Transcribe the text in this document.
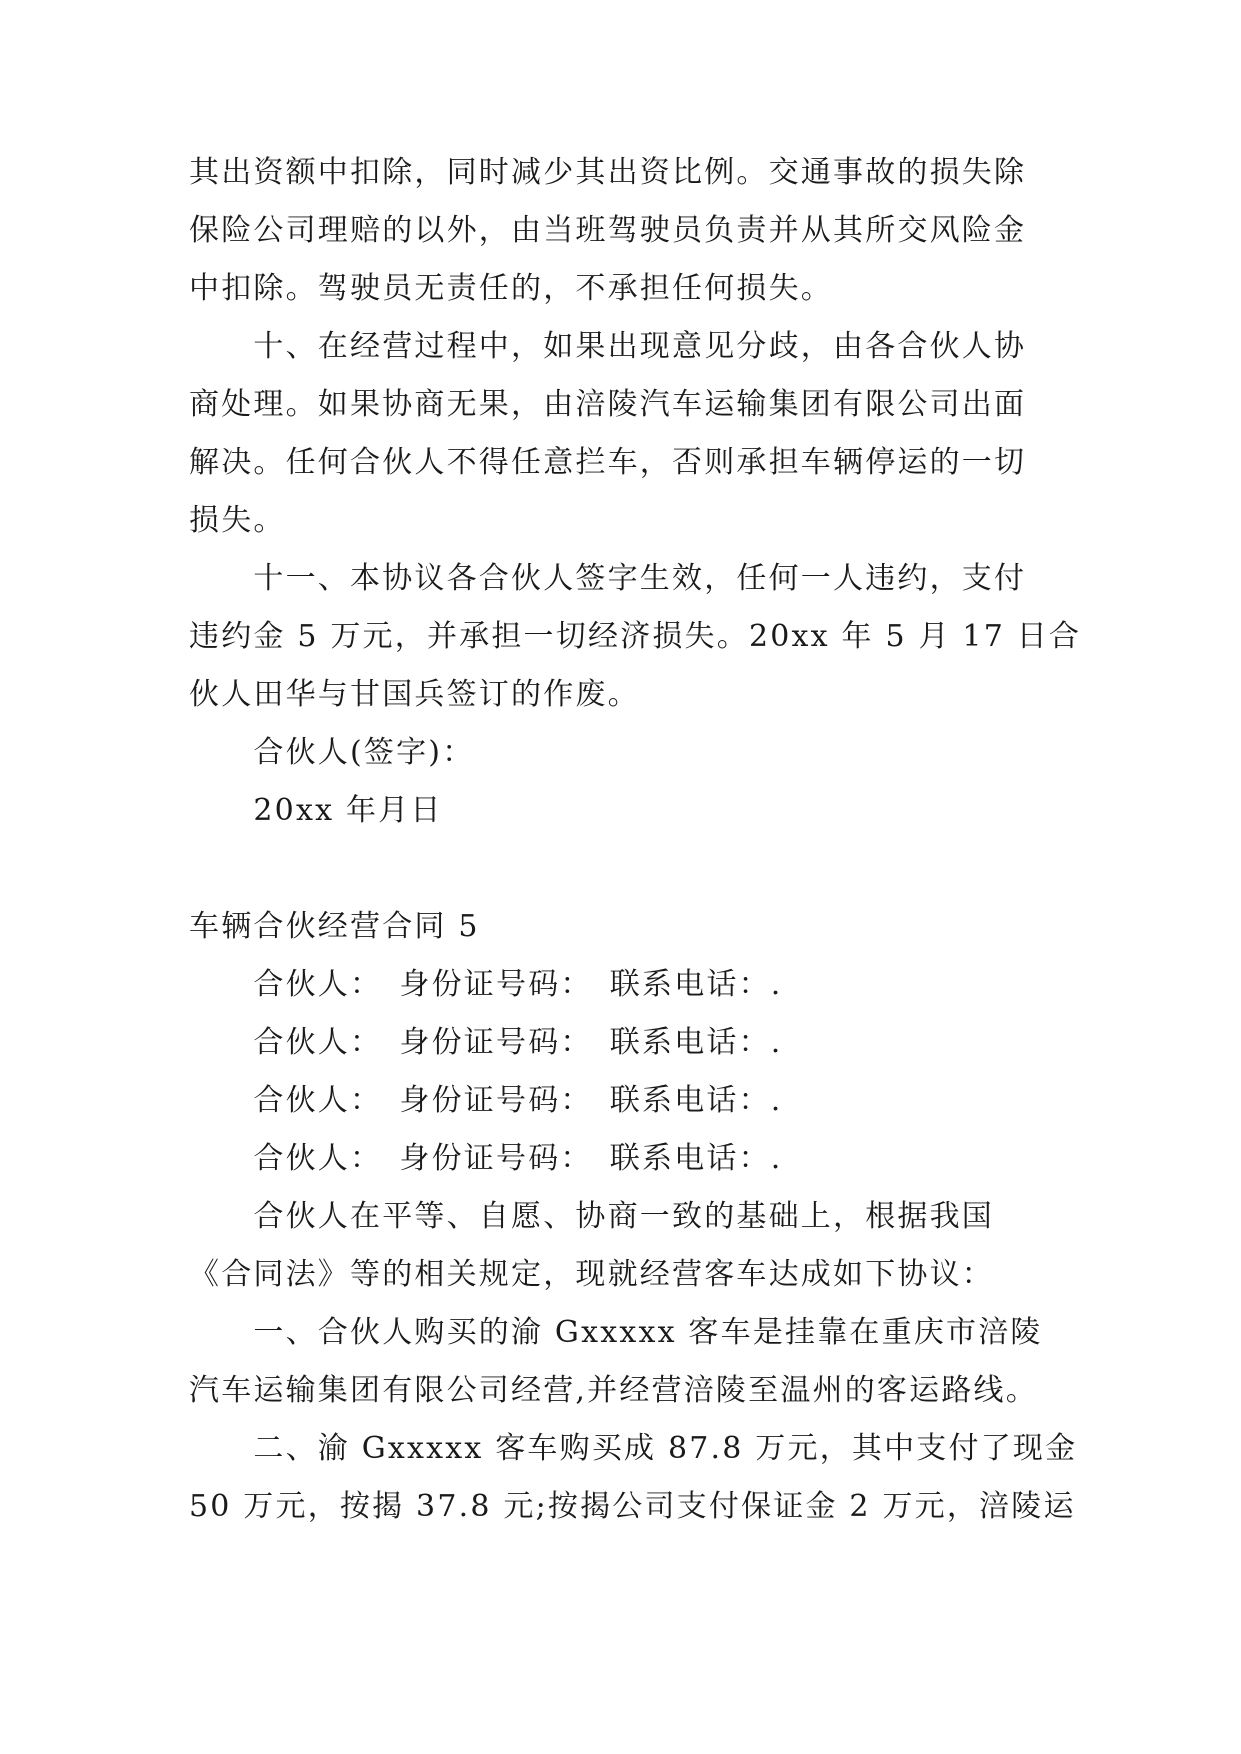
其出资额中扣除，同时减少其出资比例。交通事故的损失除
保险公司理赔的以外，由当班驾驶员负责并从其所交风险金
中扣除。驾驶员无责任的，不承担任何损失。
　　十、在经营过程中，如果出现意见分歧，由各合伙人协
商处理。如果协商无果，由涪陵汽车运输集团有限公司出面
解决。任何合伙人不得任意拦车，否则承担车辆停运的一切
损失。
　　十一、本协议各合伙人签字生效，任何一人违约，支付
违约金 5 万元，并承担一切经济损失。20xx 年 5 月 17 日合
伙人田华与甘国兵签订的作废。
　　合伙人(签字)：
　　20xx 年月日
车辆合伙经营合同 5
　　合伙人：　身份证号码：　联系电话：.
　　合伙人：　身份证号码：　联系电话：.
　　合伙人：　身份证号码：　联系电话：.
　　合伙人：　身份证号码：　联系电话：.
　　合伙人在平等、自愿、协商一致的基础上，根据我国
《合同法》等的相关规定，现就经营客车达成如下协议：
　　一、合伙人购买的渝 Gxxxxx 客车是挂靠在重庆市涪陵
汽车运输集团有限公司经营,并经营涪陵至温州的客运路线。
　　二、渝 Gxxxxx 客车购买成 87.8 万元，其中支付了现金
50 万元，按揭 37.8 元;按揭公司支付保证金 2 万元，涪陵运
